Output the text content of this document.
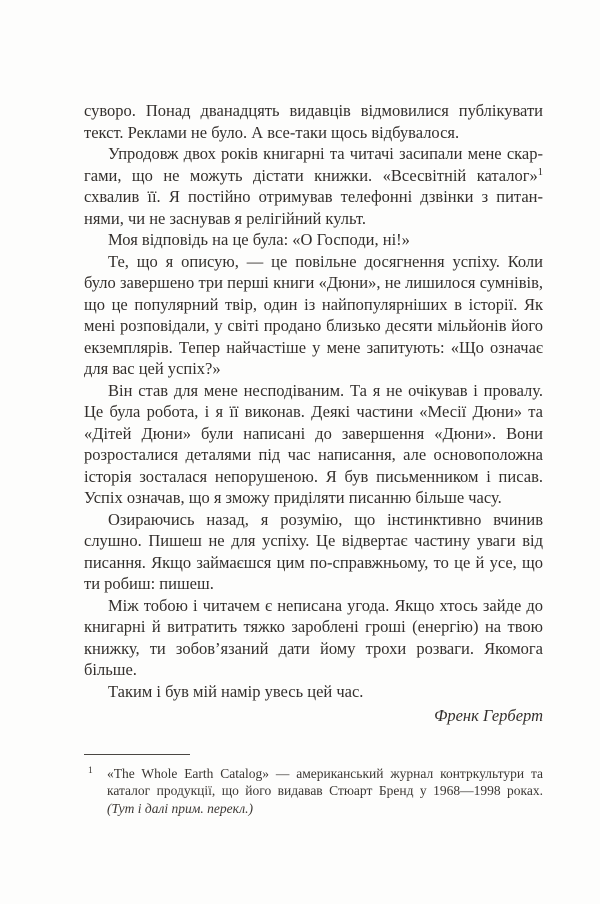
суворо. Понад дванадцять видавців відмовилися публікувати текст. Реклами не було. А все-таки щось відбувалося.

Упродовж двох років книгарні та читачі засипали мене скаргами, що не можуть дістати книжки. «Всесвітній каталог»$^1$ схвалив її. Я постійно отримував телефонні дзвінки з питаннями, чи не заснував я релігійний культ.

Моя відповідь на це була: «О Господи, ні!»

Те, що я описую, — це повільне досягнення успіху. Коли було завершено три перші книги «Дюни», не лишилося сумнівів, що це популярний твір, один із найпопулярніших в історії. Як мені розповідали, у світі продано близько десяти мільйонів його екземплярів. Тепер найчастіше у мене запитують: «Що означає для вас цей успіх?»

Він став для мене несподіваним. Та я не очікував і провалу. Це була робота, і я її виконав. Деякі частини «Месії Дюни» та «Дітей Дюни» були написані до завершення «Дюни». Вони розросталися деталями під час написання, але основоположна історія зосталася непорушеною. Я був письменником і писав. Успіх означав, що я зможу приділяти писанню більше часу.

Озираючись назад, я розумію, що інстинктивно вчинив слушно. Пишеш не для успіху. Це відвертає частину уваги від писання. Якщо займаєшся цим по-справжньому, то це й усе, що ти робиш: пишеш.

Між тобою і читачем є неписана угода. Якщо хтось зайде до книгарні й витратить тяжко зароблені гроші (енергію) на твою книжку, ти зобов’язаний дати йому трохи розваги. Якомога більше.

Таким і був мій намір увесь цей час.

Френк Герберт

1 «The Whole Earth Catalog» — американський журнал контркультури та каталог продукції, що його видавав Стюарт Бренд у 1968—1998 роках. (Тут і далі прим. перекл.)
